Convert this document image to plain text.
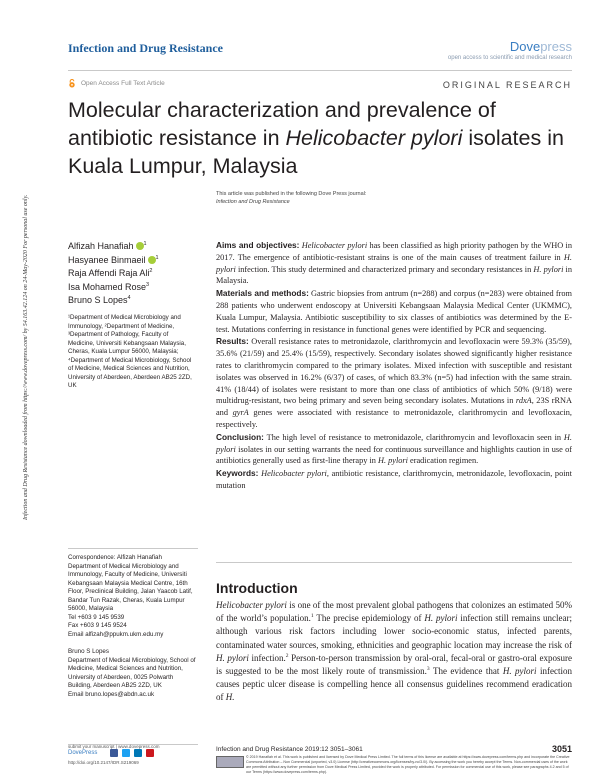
Infection and Drug Resistance	Dovepress
open access to scientific and medical research
Open Access Full Text Article	ORIGINAL RESEARCH
Molecular characterization and prevalence of antibiotic resistance in Helicobacter pylori isolates in Kuala Lumpur, Malaysia
This article was published in the following Dove Press journal:
Infection and Drug Resistance
Infection and Drug Resistance downloaded from https://www.dovepress.com/ by 54.163.42.124 on 24-May-2020 For personal use only.	Alfizah Hanafiah $^1$
Hasyanee Binmaeil $^1$
Raja Affendi Raja Ali$^2$
Isa Mohamed Rose$^3$
Bruno S Lopes$^4$
¹Department of Medical Microbiology and Immunology, ²Department of Medicine, ³Department of Pathology, Faculty of Medicine, Universiti Kebangsaan Malaysia, Cheras, Kuala Lumpur 56000, Malaysia; ⁴Department of Medical Microbiology, School of Medicine, Medical Sciences and Nutrition, University of Aberdeen, Aberdeen AB25 2ZD, UK
Correspondence: Alfizah Hanafiah
Department of Medical Microbiology and Immunology, Faculty of Medicine, Universiti Kebangsaan Malaysia Medical Centre, 16th Floor, Preclinical Building, Jalan Yaacob Latif, Bandar Tun Razak, Cheras, Kuala Lumpur 56000, Malaysia
Tel +603 9 145 9539
Fax +603 9 145 9524
Email alfizah@ppukm.ukm.edu.my
Bruno S Lopes
Department of Medical Microbiology, School of Medicine, Medical Sciences and Nutrition, University of Aberdeen, 0025 Polwarth Building, Aberdeen AB25 2ZD, UK
Email bruno.lopes@abdn.ac.uk

Aims and objectives: Helicobacter pylori has been classified as high priority pathogen by the WHO in 2017. The emergence of antibiotic-resistant strains is one of the main causes of treatment failure in H. pylori infection. This study determined and characterized primary and secondary resistances in H. pylori in Malaysia.

Materials and methods: Gastric biopsies from antrum (n=288) and corpus (n=283) were obtained from 288 patients who underwent endoscopy at Universiti Kebangsaan Malaysia Medical Center (UKMMC), Kuala Lumpur, Malaysia. Antibiotic susceptibility to six classes of antibiotics was determined by the E-test. Mutations conferring in resistance in functional genes were identified by PCR and sequencing.

Results: Overall resistance rates to metronidazole, clarithromycin and levofloxacin were 59.3% (35/59), 35.6% (21/59) and 25.4% (15/59), respectively. Secondary isolates showed significantly higher resistance rates to clarithromycin compared to the primary isolates. Mixed infection with susceptible and resistant isolates was observed in 16.2% (6/37) of cases, of which 83.3% (n=5) had infection with the same strain. 41% (18/44) of isolates were resistant to more than one class of antibiotics of which 50% (9/18) were multidrug-resistant, two being primary and seven being secondary isolates. Mutations in rdxA, 23S rRNA and gyrA genes were associated with resistance to metronidazole, clarithromycin and levofloxacin, respectively.

Conclusion: The high level of resistance to metronidazole, clarithromycin and levofloxacin seen in H. pylori isolates in our setting warrants the need for continuous surveillance and highlights caution in use of antibiotics generally used as first-line therapy in H. pylori eradication regimen.

Keywords: Helicobacter pylori, antibiotic resistance, clarithromycin, metronidazole, levofloxacin, point mutation

Introduction
Helicobacter pylori is one of the most prevalent global pathogens that colonizes an estimated 50% of the world’s population.$^1$ The precise epidemiology of H. pylori infection still remains unclear; although various risk factors including lower socio-economic status, infected parents, contaminated water sources, smoking, ethnicities and geographic location may increase the risk of H. pylori infection.$^2$ Person-to-person transmission by oral-oral, fecal-oral or gastro-oral exposure is suggested to be the most likely route of transmission.$^3$ The evidence that H. pylori infection causes peptic ulcer disease is compelling hence all consensus guidelines recommend eradication of H.
submit your manuscript | www.dovepress.com
DovePress
http://doi.org/10.2147/IDR.S219069
Infection and Drug Resistance 2019:12 3051–3061	3051
© 2019 Hanafiah et al. This work is published and licensed by Dove Medical Press Limited. The full terms of this license are available at https://www.dovepress.com/terms.php and incorporate the Creative Commons Attribution – Non Commercial (unported, v3.0) License (http://creativecommons.org/licenses/by-nc/3.0/). By accessing the work you hereby accept the Terms. Non-commercial uses of the work are permitted without any further permission from Dove Medical Press Limited, provided the work is properly attributed. For permission for commercial use of this work, please see paragraphs 4.2 and 5 of our Terms (https://www.dovepress.com/terms.php).
